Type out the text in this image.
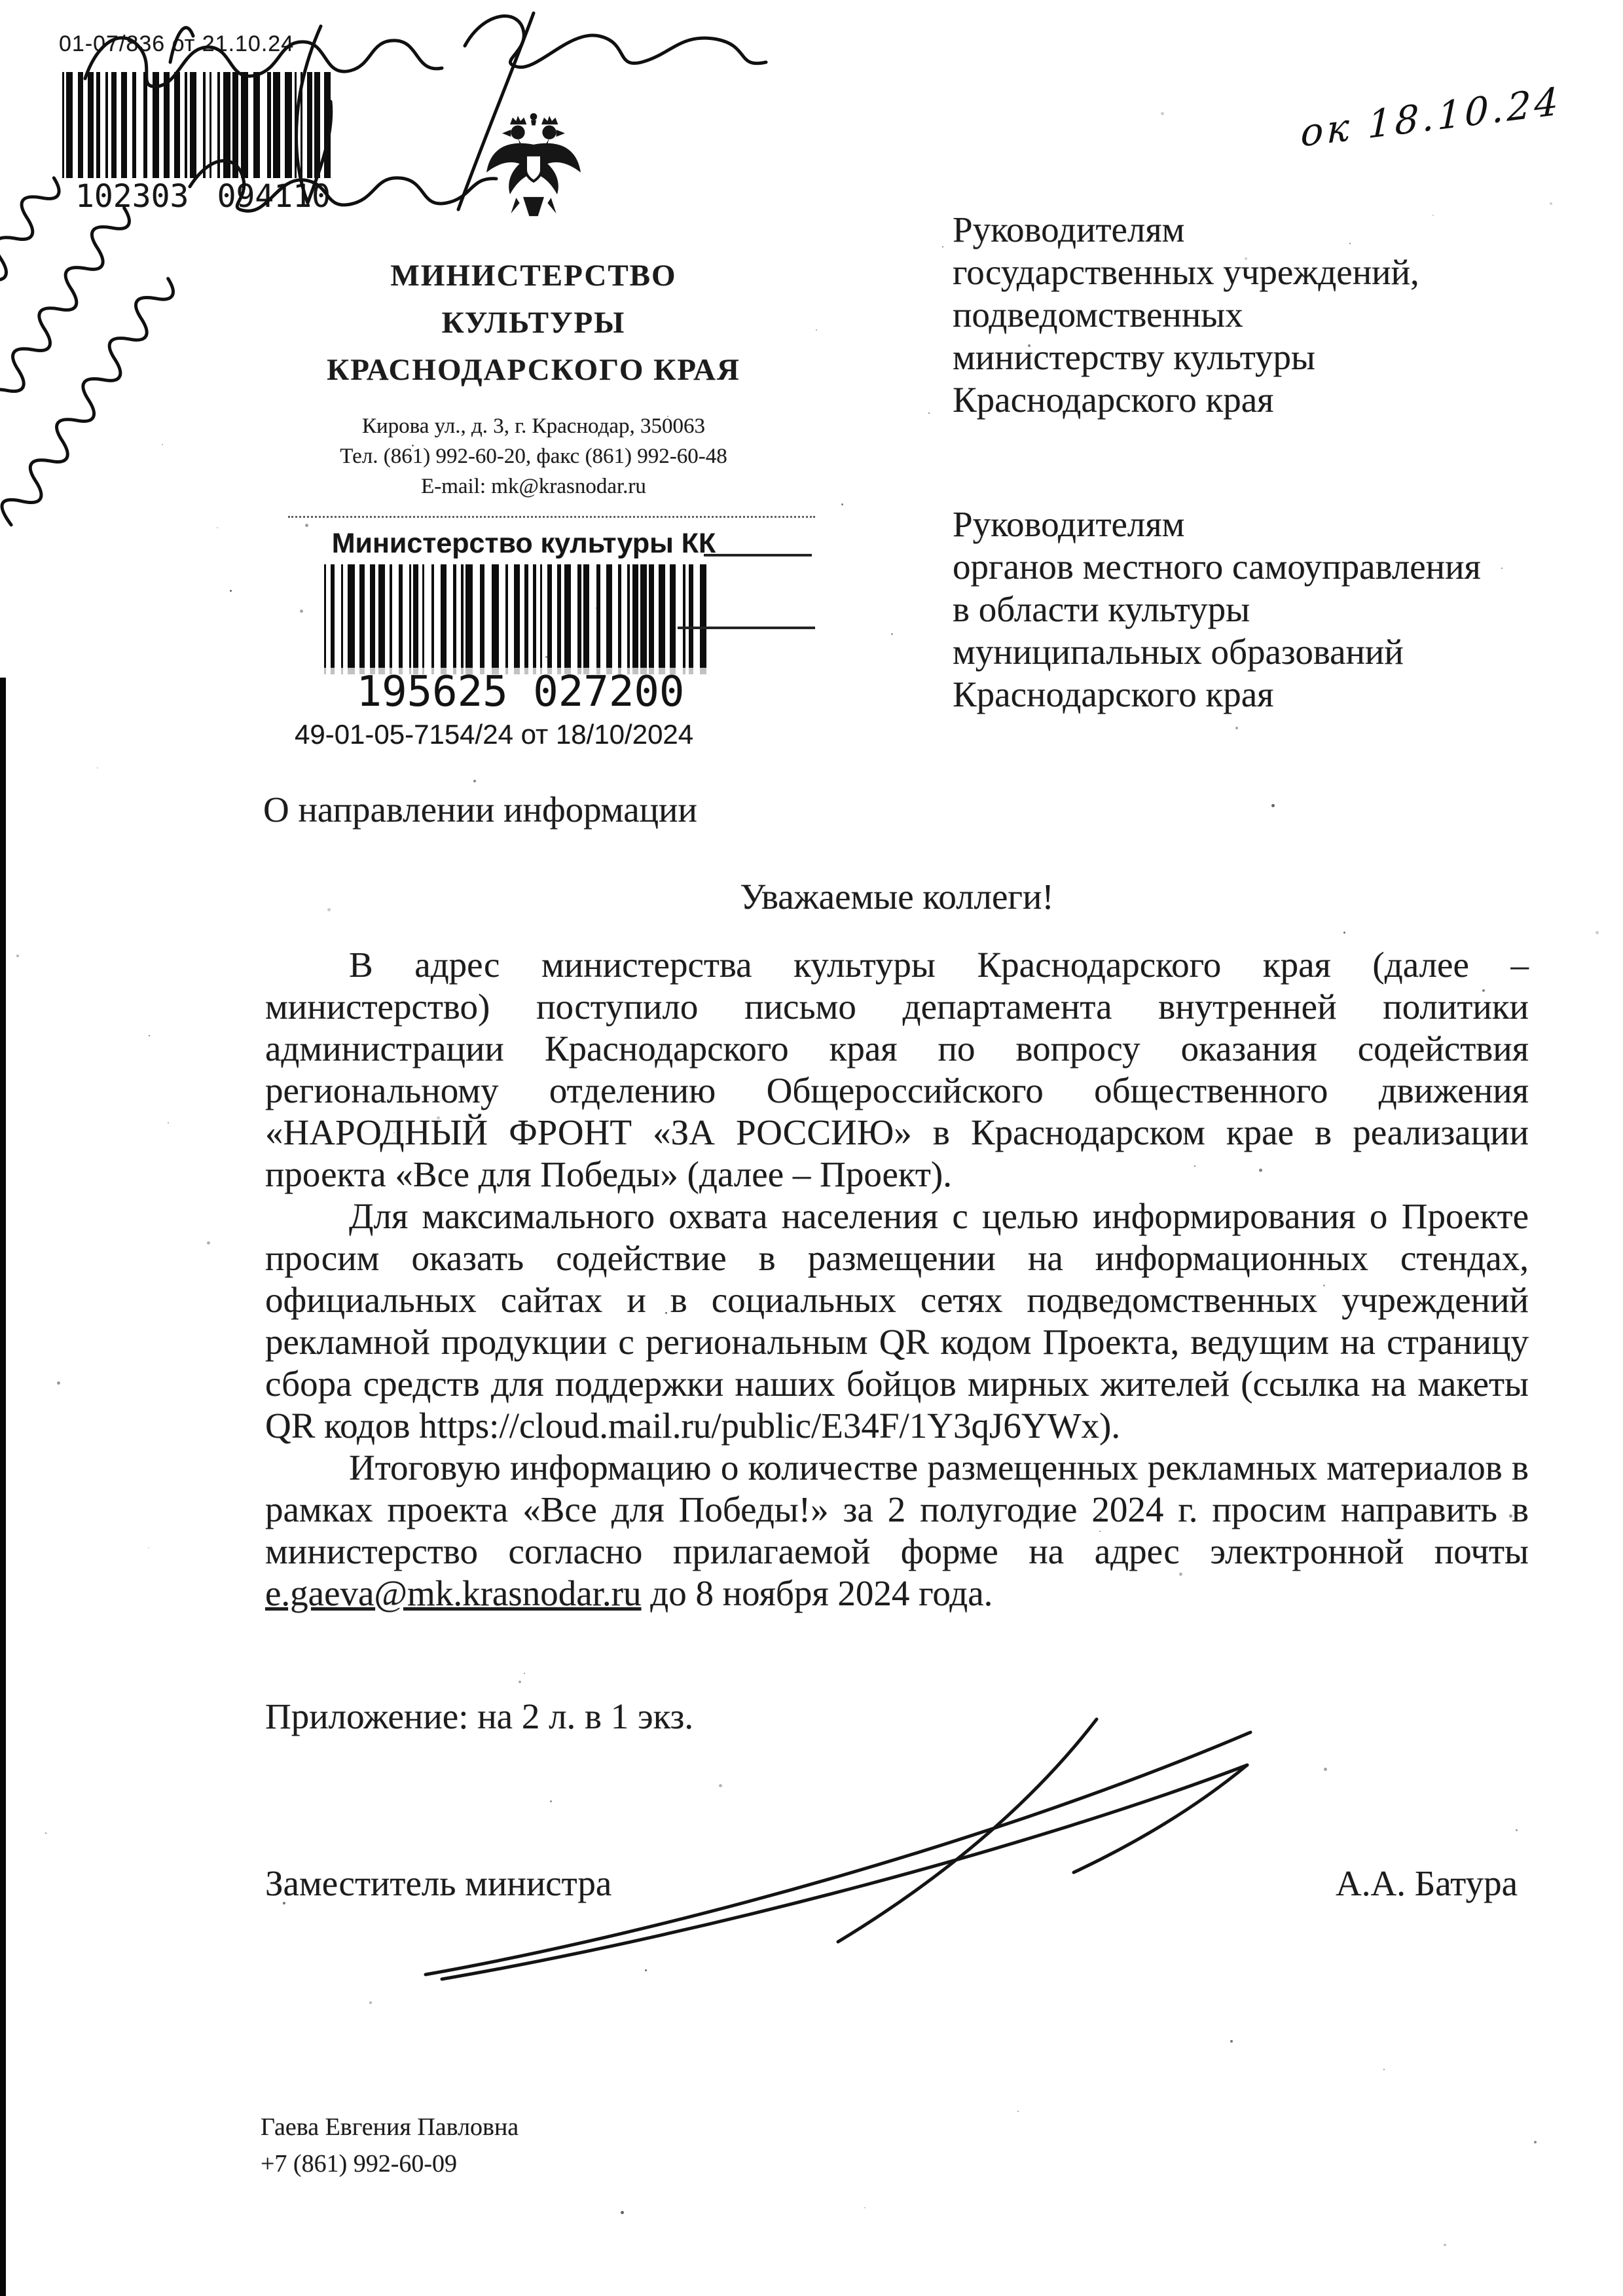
01-07/836 от 21.10.24
102303 094110
ок 18.10.24
МИНИСТЕРСТВО
КУЛЬТУРЫ
КРАСНОДАРСКОГО КРАЯ
Кирова ул., д. 3, г. Краснодар, 350063
Тел. (861) 992-60-20, факс (861) 992-60-48
E-mail: mk@krasnodar.ru
Министерство культуры КК
195625 027200
49-01-05-7154/24 от 18/10/2024
Руководителям
государственных учреждений,
подведомственных
министерству культуры
Краснодарского края
Руководителям
органов местного самоуправления
в области культуры
муниципальных образований
Краснодарского края
О направлении информации
Уважаемые коллеги!

В адрес министерства культуры Краснодарского края (далее – министерство) поступило письмо департамента внутренней политики администрации Краснодарского края по вопросу оказания содействия региональному отделению Общероссийского общественного движения «НАРОДНЫЙ ФРОНТ «ЗА РОССИЮ» в Краснодарском крае в реализации проекта «Все для Победы» (далее – Проект).

Для максимального охвата населения с целью информирования о Проекте просим оказать содействие в размещении на информационных стендах, официальных сайтах и в социальных сетях подведомственных учреждений рекламной продукции с региональным QR кодом Проекта, ведущим на страницу сбора средств для поддержки наших бойцов мирных жителей (ссылка на макеты QR кодов https://cloud.mail.ru/public/E34F/1Y3qJ6YWx).

Итоговую информацию о количестве размещенных рекламных материалов в рамках проекта «Все для Победы!» за 2 полугодие 2024 г. просим направить в министерство согласно прилагаемой форме на адрес электронной почты e.gaeva@mk.krasnodar.ru до 8 ноября 2024 года.

Приложение: на 2 л. в 1 экз.
Заместитель министра	А.А. Батура
Гаева Евгения Павловна
+7 (861) 992-60-09
